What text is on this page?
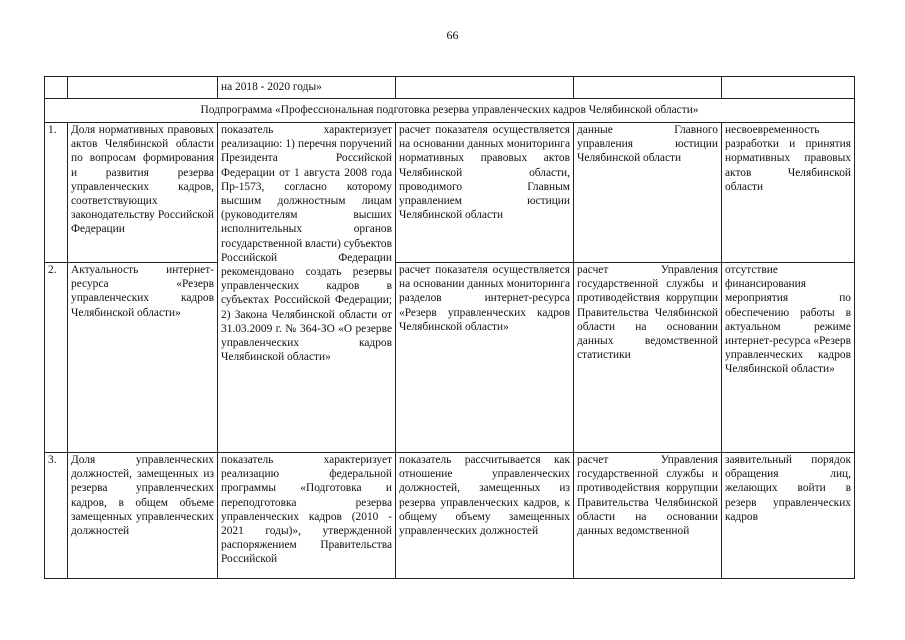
66
		на 2018 - 2020 годы»			
Подпрограмма «Профессиональная подготовка резерва управленческих кадров Челябинской области»					
1.	Доля нормативных правовых актов Челябинской области по вопросам формирования и развития резерва управленческих кадров, соответствующих законодательству Российской Федерации	показатель характеризует реализацию: 1) перечня поручений Президента Российской Федерации от 1 августа 2008 года Пр-1573, согласно которому высшим должностным лицам (руководителям высших исполнительных органов государственной власти) субъектов Российской Федерации рекомендовано создать резервы управленческих кадров в субъектах Российской Федерации; 2) Закона Челябинской области от 31.03.2009 г. № 364-ЗО «О резерве управленческих кадров Челябинской области»	расчет показателя осуществляется на основании данных мониторинга нормативных правовых актов Челябинской области, проводимого Главным управлением юстиции Челябинской области	данные Главного управления юстиции Челябинской области	несвоевременность разработки и принятия нормативных правовых актов Челябинской области
2.	Актуальность интернет-ресурса «Резерв управленческих кадров Челябинской области»		расчет показателя осуществляется на основании данных мониторинга разделов интернет-ресурса «Резерв управленческих кадров Челябинской области»	расчет Управления государственной службы и противодействия коррупции Правительства Челябинской области на основании данных ведомственной статистики	отсутствие финансирования мероприятия по обеспечению работы в актуальном режиме интернет-ресурса «Резерв управленческих кадров Челябинской области»
3.	Доля управленческих должностей, замещенных из резерва управленческих кадров, в общем объеме замещенных управленческих должностей	показатель характеризует реализацию федеральной программы «Подготовка и переподготовка резерва управленческих кадров (2010 - 2021 годы)», утвержденной распоряжением Правительства Российской	показатель рассчитывается как отношение управленческих должностей, замещенных из резерва управленческих кадров, к общему объему замещенных управленческих должностей	расчет Управления государственной службы и противодействия коррупции Правительства Челябинской области на основании данных ведомственной	заявительный порядок обращения лиц, желающих войти в резерв управленческих кадров
